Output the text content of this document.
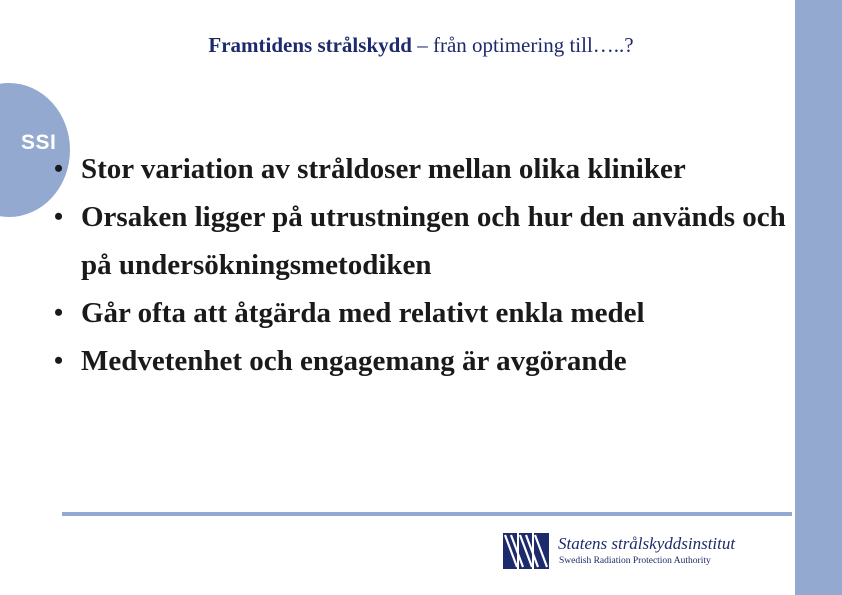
SSI
Framtidens strålskydd – från optimering till…..?
• Stor variation av stråldoser mellan olika kliniker
• Orsaken ligger på utrustningen och hur den används och på undersökningsmetodiken
• Går ofta att åtgärda med relativt enkla medel
• Medvetenhet och engagemang är avgörande
Statens strålskyddsinstitut
Swedish Radiation Protection Authority
